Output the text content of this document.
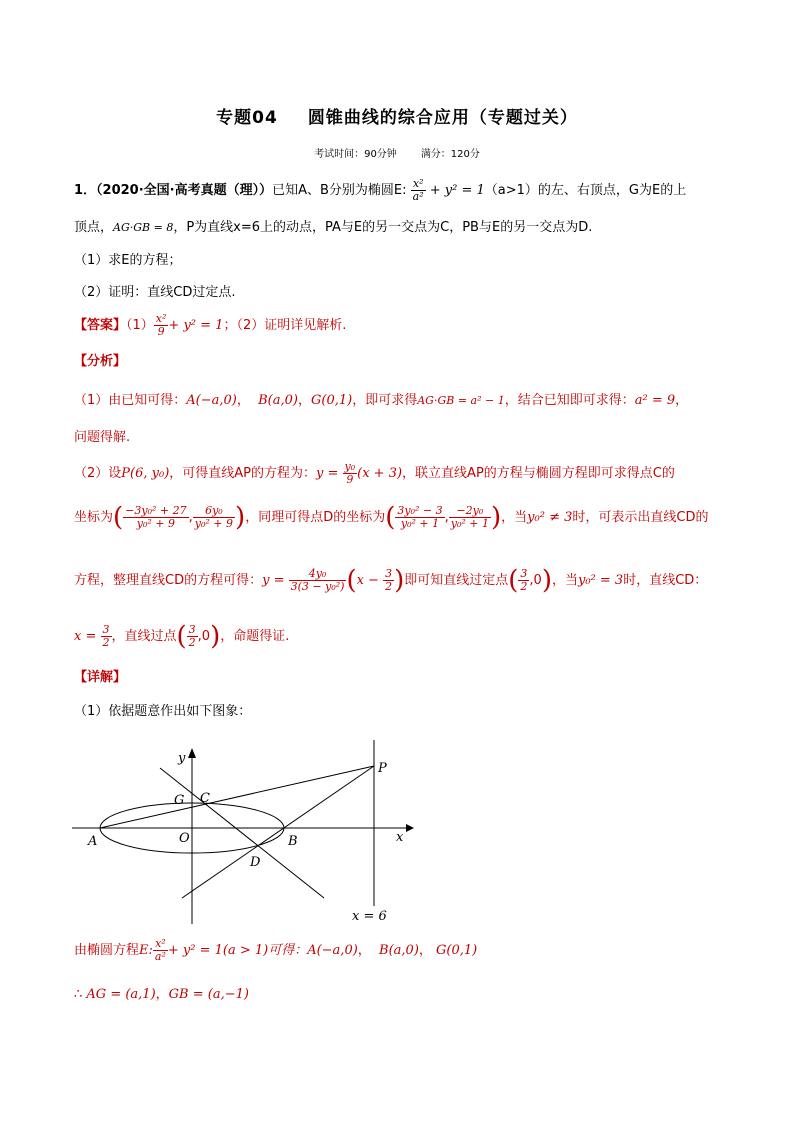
专题04 圆锥曲线的综合应用（专题过关）
考试时间：90分钟 满分：120分
1．（2020·全国·高考真题（理））已知A、B分别为椭圆E: $\frac{\text{x²}}{\text{a²}} + y^2 = 1(a>1)$的左、右顶点，G为E的上
顶点，AG·GB = 8，P为直线x=6上的动点，PA与E的另一交点为C，PB与E的另一交点为D.
（1）求E的方程；
（2）证明：直线CD过定点.
【答案】$(1) \frac{\text{x²}}{9} + y^2 = 1$；（2）证明详见解析.
【分析】
（1）由已知可得：A(−a,0)，  B(a,0)，G(0,1)，即可求得AG·GB = a² − 1，结合已知即可求得：a² = 9，
问题得解.
（2）设P(6, y₀)，可得直线AP的方程为：$y = \frac{\text{y₀}}{9} (x + 3)$，联立直线AP的方程与椭圆方程即可求得点C的
坐标为( $\frac{\text{−3y₀² + 27}}{\text{y₀² + 9}}$ , $\frac{\text{6y₀}}{\text{y₀² + 9}}$ )，同理可得点D的坐标为( $\frac{\text{3y₀² − 3}}{\text{y₀² + 1}}$ , $\frac{\text{−2y₀}}{\text{y₀² + 1}}$ )，当y₀² ≠ 3时，可表示出直线CD的
方程，整理直线CD的方程可得：$y = \frac{\text{4y₀}}{\text{3(3 − y₀²)}} (x - \frac{3}{2}$ )即可知直线过定点( $\frac{3}{2} ,0$)，当y₀² = 3时，直线CD：
$x = \frac{3}{2}$ ，直线过点( $\frac{3}{2} ,0$)，命题得证.
【详解】
（1）依据题意作出如下图象：
y
x
P
G C
O
A	B
D
x = 6
由椭圆方程E: $\frac{\text{x²}}{\text{a²}} + y^2 = 1(a > 1)$可得：A(−a,0)，  B(a,0)， G(0,1)
∴ AG = (a,1)，GB = (a,−1)
